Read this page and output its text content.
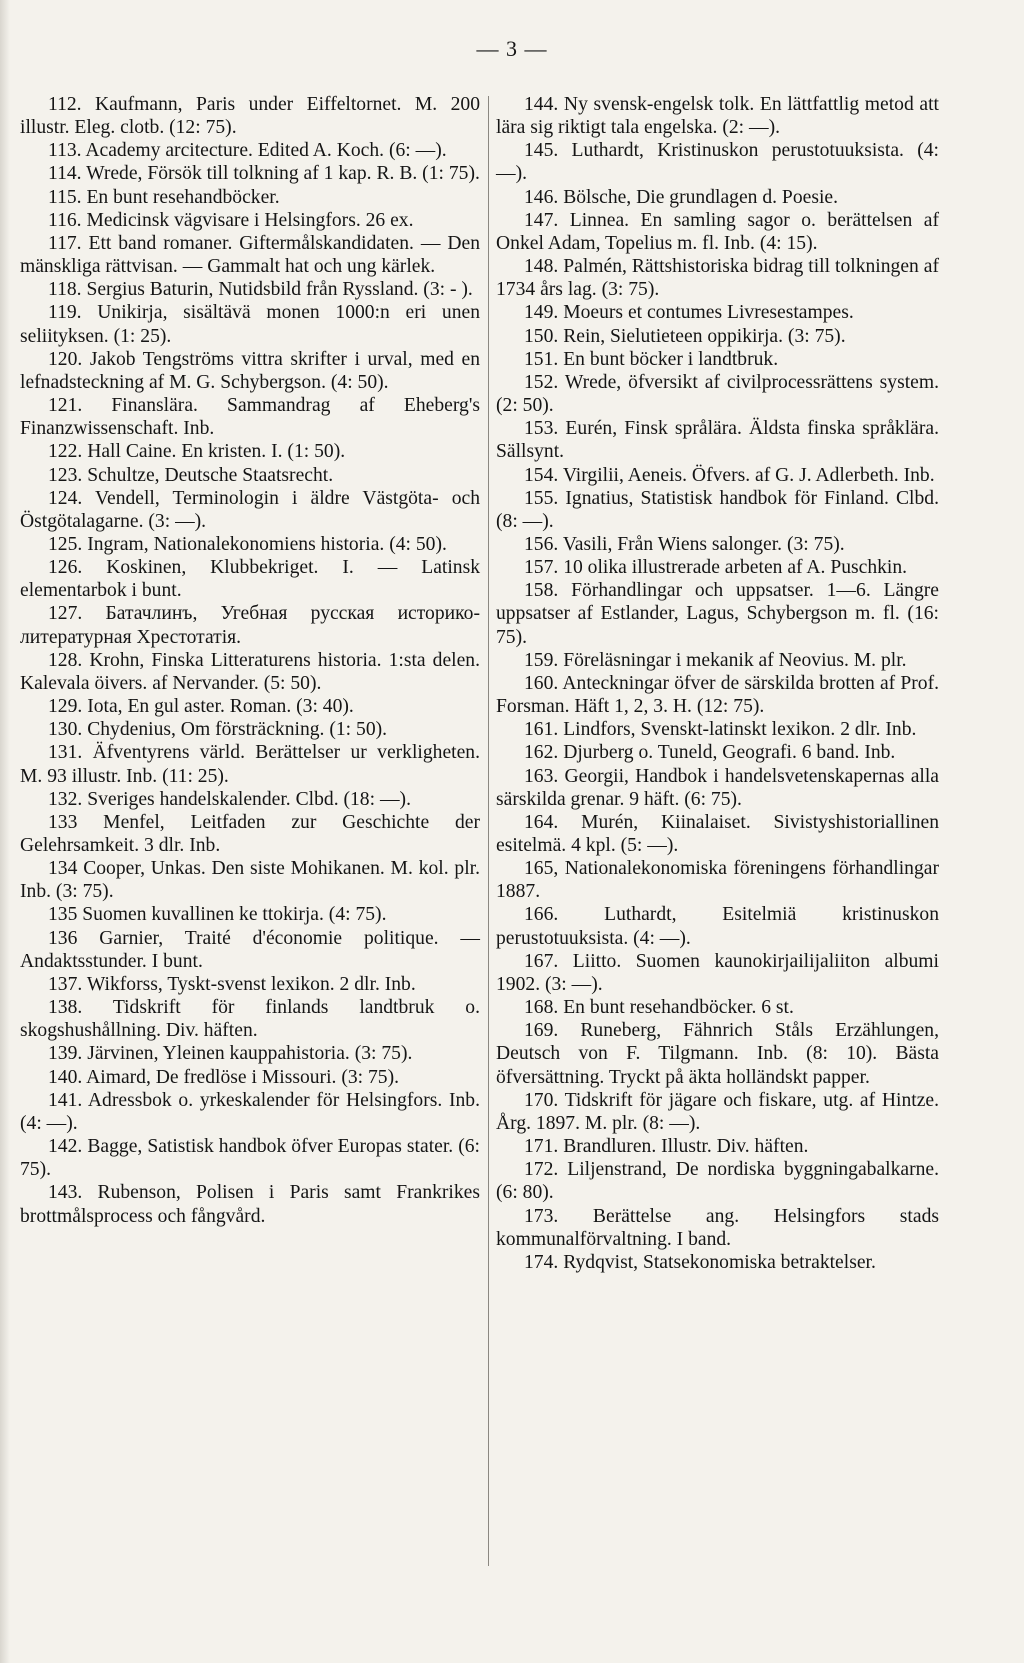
— 3 —

112. Kaufmann, Paris under Eiffeltornet. M. 200 illustr. Eleg. clotb. (12: 75).

113. Academy arcitecture. Edited A. Koch. (6: —).

114. Wrede, Försök till tolkning af 1 kap. R. B. (1: 75).

115. En bunt resehandböcker.

116. Medicinsk vägvisare i Helsingfors. 26 ex.

117. Ett band romaner. Giftermålskandidaten. — Den mänskliga rättvisan. — Gammalt hat och ung kärlek.

118. Sergius Baturin, Nutidsbild från Ryssland. (3: - ).

119. Unikirja, sisältävä monen 1000:n eri unen seliityksen. (1: 25).

120. Jakob Tengströms vittra skrifter i urval, med en lefnadsteckning af M. G. Schybergson. (4: 50).

121. Finanslära. Sammandrag af Eheberg's Finanzwissenschaft. Inb.

122. Hall Caine. En kristen. I. (1: 50).

123. Schultze, Deutsche Staatsrecht.

124. Vendell, Terminologin i äldre Västgöta- och Östgötalagarne. (3: —).

125. Ingram, Nationalekonomiens historia. (4: 50).

126. Koskinen, Klubbekriget. I. — Latinsk elementarbok i bunt.

127. Батачлинъ, Угебная русская историко-литературная Хрестотатія.

128. Krohn, Finska Litteraturens historia. 1:sta delen. Kalevala öivers. af Nervander. (5: 50).

129. Iota, En gul aster. Roman. (3: 40).

130. Chydenius, Om försträckning. (1: 50).

131. Äfventyrens värld. Berättelser ur verkligheten. M. 93 illustr. Inb. (11: 25).

132. Sveriges handelskalender. Clbd. (18: —).

133 Menfel, Leitfaden zur Geschichte der Gelehrsamkeit. 3 dlr. Inb.

134 Cooper, Unkas. Den siste Mohikanen. M. kol. plr. Inb. (3: 75).

135 Suomen kuvallinen ke ttokirja. (4: 75).

136 Garnier, Traité d'économie politique. — Andaktsstunder. I bunt.

137. Wikforss, Tyskt-svenst lexikon. 2 dlr. Inb.

138. Tidskrift för finlands landtbruk o. skogshushållning. Div. häften.

139. Järvinen, Yleinen kauppahistoria. (3: 75).

140. Aimard, De fredlöse i Missouri. (3: 75).

141. Adressbok o. yrkeskalender för Helsingfors. Inb. (4: —).

142. Bagge, Satistisk handbok öfver Europas stater. (6: 75).

143. Rubenson, Polisen i Paris samt Frankrikes brottmålsprocess och fångvård.

144. Ny svensk-engelsk tolk. En lättfattlig metod att lära sig riktigt tala engelska. (2: —).

145. Luthardt, Kristinuskon perustotuuksista. (4: —).

146. Bölsche, Die grundlagen d. Poesie.

147. Linnea. En samling sagor o. berättelsen af Onkel Adam, Topelius m. fl. Inb. (4: 15).

148. Palmén, Rättshistoriska bidrag till tolkningen af 1734 års lag. (3: 75).

149. Moeurs et contumes Livresestampes.

150. Rein, Sielutieteen oppikirja. (3: 75).

151. En bunt böcker i landtbruk.

152. Wrede, öfversikt af civilprocessrättens system. (2: 50).

153. Eurén, Finsk språlära. Äldsta finska språklära. Sällsynt.

154. Virgilii, Aeneis. Öfvers. af G. J. Adlerbeth. Inb.

155. Ignatius, Statistisk handbok för Finland. Clbd. (8: —).

156. Vasili, Från Wiens salonger. (3: 75).

157. 10 olika illustrerade arbeten af A. Puschkin.

158. Förhandlingar och uppsatser. 1—6. Längre uppsatser af Estlander, Lagus, Schybergson m. fl. (16: 75).

159. Föreläsningar i mekanik af Neovius. M. plr.

160. Anteckningar öfver de särskilda brotten af Prof. Forsman. Häft 1, 2, 3. H. (12: 75).

161. Lindfors, Svenskt-latinskt lexikon. 2 dlr. Inb.

162. Djurberg o. Tuneld, Geografi. 6 band. Inb.

163. Georgii, Handbok i handelsvetenskapernas alla särskilda grenar. 9 häft. (6: 75).

164. Murén, Kiinalaiset. Sivistyshistoriallinen esitelmä. 4 kpl. (5: —).

165, Nationalekonomiska föreningens förhandlingar 1887.

166. Luthardt, Esitelmiä kristinuskon perustotuuksista. (4: —).

167. Liitto. Suomen kaunokirjailijaliiton albumi 1902. (3: —).

168. En bunt resehandböcker. 6 st.

169. Runeberg, Fähnrich Ståls Erzählungen, Deutsch von F. Tilgmann. Inb. (8: 10). Bästa öfversättning. Tryckt på äkta holländskt papper.

170. Tidskrift för jägare och fiskare, utg. af Hintze. Årg. 1897. M. plr. (8: —).

171. Brandluren. Illustr. Div. häften.

172. Liljenstrand, De nordiska byggningabalkarne. (6: 80).

173. Berättelse ang. Helsingfors stads kommunalförvaltning. I band.

174. Rydqvist, Statsekonomiska betraktelser.
